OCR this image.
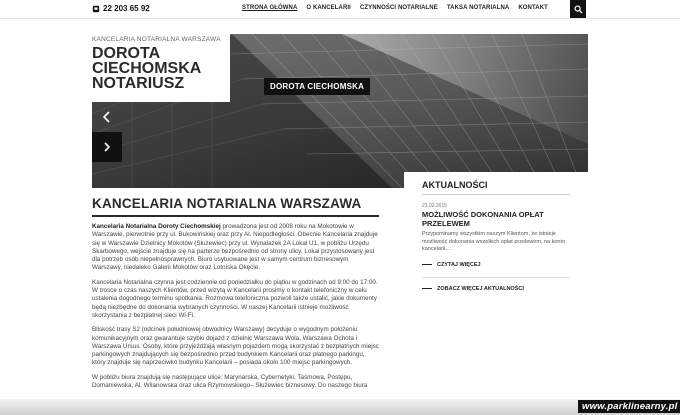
22 203 65 92	STRONA GŁÓWNA O KANCELARII CZYNNOŚCI NOTARIALNE TAKSA NOTARIALNA KONTAKT
KANCELARIA NOTARIALNA WARSZAWA
DOROTA
CIECHOMSKA
NOTARIUSZ	DOROTA CIECHOMSKA
AKTUALNOŚCI
23.02.2015
MOŻLIWOŚĆ DOKONANIA OPŁAT PRZELEWEM
Przypominamy wszystkim naszym Klientom, że istnieje możliwość dokonania wszelkich opłat przelewem, na konto kancelarii....
CZYTAJ WIĘCEJ
ZOBACZ WIĘCEJ AKTUALNOŚCI
KANCELARIA NOTARIALNA WARSZAWA

Kancelaria Notarialna Doroty Ciechomskiej prowadzona jest od 2008 roku na Mokotowie w Warszawie, pierwotnie przy ul. Bukowińskiej oraz przy Al. Niepodległości. Obecnie Kancelaria znajduje się w Warszawie Dzielnicy Mokotów (Służewiec) przy ul. Wynalazek 2A Lokal U1, w pobliżu Urzędu Skarbowego, wejście znajduje się na parterze bezpośrednio od strony ulicy. Lokal przystosowany jest dla potrzeb osób niepełnosprawnych. Biuro usytuowane jest w samym centrum biznesowym Warszawy, niedaleko Galerii Mokotów oraz Lotniska Okęcie.

Kancelaria Notarialna czynna jest codziennie od poniedziałku do piątku w godzinach od 9:00 do 17:00. W trosce o czas naszych Klientów, przed wizytą w Kancelarii prosimy o kontakt telefoniczny w celu ustalenia dogodnego terminu spotkania. Rozmowa telefoniczna pozwoli także ustalić, jakie dokumenty będą niezbędne do dokonania wybranych czynności. W naszej Kancelarii istnieje możliwość skorzystania z bezpłatnej sieci Wi-Fi.

Bliskość trasy S2 (odcinek południowej obwodnicy Warszawy) decyduje o wygodnym położeniu komunikacyjnym oraz gwarantuje szybki dojazd z dzielnic Warszawa Wola, Warszawa Ochota i Warszawa Ursus. Osoby, które przyjeżdżają własnym pojazdem mogą skorzystać z bezpłatnych miejsc parkingowych znajdujących się bezpośrednio przed budynkiem Kancelarii oraz płatnego parkingu, który znajduje się naprzeciwko budynku Kancelarii – posiada około 100 miejsc parkingowych.

W pobliżu biura znajdują się następujące ulice: Marynarska, Cybernetyki, Taśmowa, Postępu, Domaniewska, Al. Wilanowska oraz ulica Rzymowskiego– Służewiec biznesowy. Do naszego biura

www.parklinearny.pl
